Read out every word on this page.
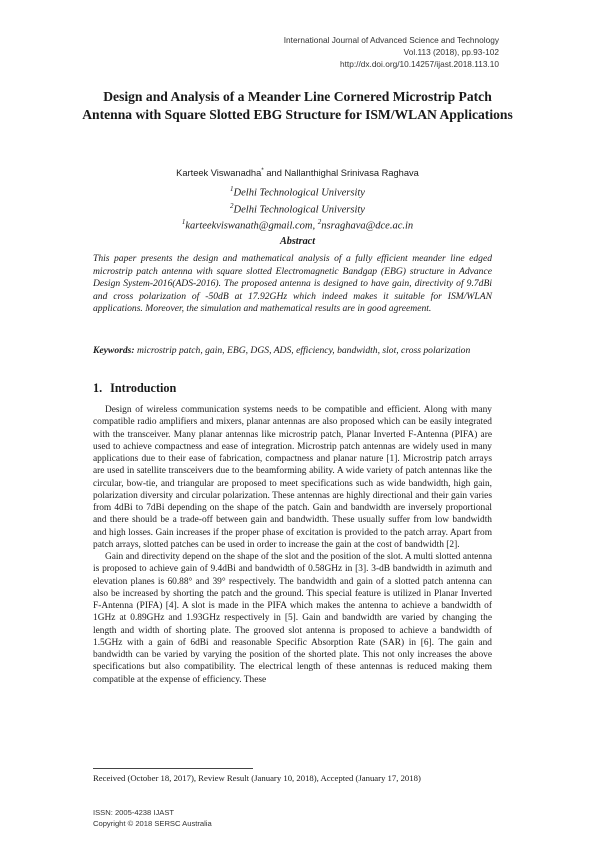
International Journal of Advanced Science and Technology
Vol.113 (2018), pp.93-102
http://dx.doi.org/10.14257/ijast.2018.113.10
Design and Analysis of a Meander Line Cornered Microstrip Patch Antenna with Square Slotted EBG Structure for ISM/WLAN Applications
Karteek Viswanadha* and Nallanthighal Srinivasa Raghava
$^1$Delhi Technological University
$^2$Delhi Technological University
$^1$karteekviswanath@gmail.com, $^2$nsraghava@dce.ac.in
Abstract
This paper presents the design and mathematical analysis of a fully efficient meander line edged microstrip patch antenna with square slotted Electromagnetic Bandgap (EBG) structure in Advance Design System-2016(ADS-2016). The proposed antenna is designed to have gain, directivity of 9.7dBi and cross polarization of -50dB at 17.92GHz which indeed makes it suitable for ISM/WLAN applications. Moreover, the simulation and mathematical results are in good agreement.
Keywords: microstrip patch, gain, EBG, DGS, ADS, efficiency, bandwidth, slot, cross polarization
1. Introduction

Design of wireless communication systems needs to be compatible and efficient. Along with many compatible radio amplifiers and mixers, planar antennas are also proposed which can be easily integrated with the transceiver. Many planar antennas like microstrip patch, Planar Inverted F-Antenna (PIFA) are used to achieve compactness and ease of integration. Microstrip patch antennas are widely used in many applications due to their ease of fabrication, compactness and planar nature [1]. Microstrip patch arrays are used in satellite transceivers due to the beamforming ability. A wide variety of patch antennas like the circular, bow-tie, and triangular are proposed to meet specifications such as wide bandwidth, high gain, polarization diversity and circular polarization. These antennas are highly directional and their gain varies from 4dBi to 7dBi depending on the shape of the patch. Gain and bandwidth are inversely proportional and there should be a trade-off between gain and bandwidth. These usually suffer from low bandwidth and high losses. Gain increases if the proper phase of excitation is provided to the patch array. Apart from patch arrays, slotted patches can be used in order to increase the gain at the cost of bandwidth [2].

Gain and directivity depend on the shape of the slot and the position of the slot. A multi slotted antenna is proposed to achieve gain of 9.4dBi and bandwidth of 0.58GHz in [3]. 3-dB bandwidth in azimuth and elevation planes is 60.88° and 39° respectively. The bandwidth and gain of a slotted patch antenna can also be increased by shorting the patch and the ground. This special feature is utilized in Planar Inverted F-Antenna (PIFA) [4]. A slot is made in the PIFA which makes the antenna to achieve a bandwidth of 1GHz at 0.89GHz and 1.93GHz respectively in [5]. Gain and bandwidth are varied by changing the length and width of shorting plate. The grooved slot antenna is proposed to achieve a bandwidth of 1.5GHz with a gain of 6dBi and reasonable Specific Absorption Rate (SAR) in [6]. The gain and bandwidth can be varied by varying the position of the shorted plate. This not only increases the above specifications but also compatibility. The electrical length of these antennas is reduced making them compatible at the expense of efficiency. These

Received (October 18, 2017), Review Result (January 10, 2018), Accepted (January 17, 2018)
ISSN: 2005-4238 IJAST
Copyright © 2018 SERSC Australia
